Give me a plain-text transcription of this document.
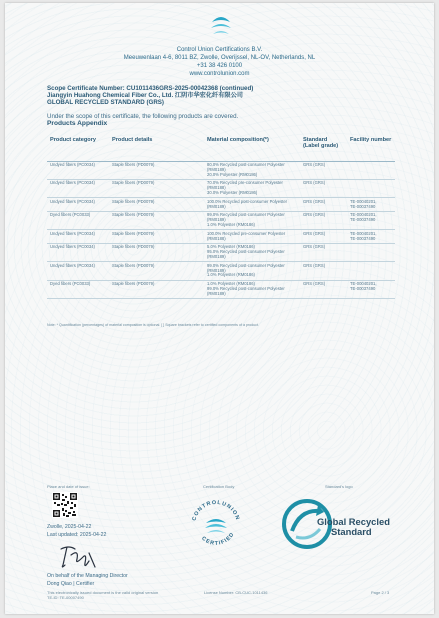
Control Union Certifications B.V.
Meeuwenlaan 4-6, 8011 BZ, Zwolle, Overijssel, NL-OV, Netherlands, NL
+31 38 426 0100
www.controlunion.com
Scope Certificate Number: CU1011436GRS-2025-00042368 (continued)
Jiangyin Huahong Chemical Fiber Co., Ltd. 江阴市华宏化纤有限公司
GLOBAL RECYCLED STANDARD (GRS)
Under the scope of this certificate, the following products are covered.
Products Appendix
Product category	Product details	Material composition(*)	Standard (Label grade)	Facility number
Undyed fibers (PC0034)	Staple fibers (PD0079)	80.0% Recycled post-consumer Polyester (RM0189)
20.0% Polyester (RM0186)	GRS (GRS)	
Undyed fibers (PC0034)	Staple fibers (PD0079)	70.0% Recycled pre-consumer Polyester (RM0188)
30.0% Polyester (RM0186)	GRS (GRS)	
Undyed fibers (PC0034)	Staple fibers (PD0079)	100.0% Recycled post-consumer Polyester (RM0189)	GRS (GRS)	TE-00040201,
TE-00037490

Dyed fibers (PC0033)	Staple fibers (PD0079)	99.0% Recycled post-consumer Polyester (RM0189)
1.0% Polyester (RM0186)	GRS (GRS)	TE-00040201,
TE-00037490

Undyed fibers (PC0034)	Staple fibers (PD0079)	100.0% Recycled pre-consumer Polyester (RM0188)	GRS (GRS)	TE-00040201,
TE-00037490

Undyed fibers (PC0034)	Staple fibers (PD0079)	5.0% Polyester (RM0186)
95.0% Recycled post-consumer Polyester (RM0189)	GRS (GRS)	
Undyed fibers (PC0034)	Staple fibers (PD0079)	99.0% Recycled post-consumer Polyester (RM0189)
1.0% Polyester (RM0186)	GRS (GRS)	
Dyed fibers (PC0033)	Staple fibers (PD0079)	1.0% Polyester (RM0186)
99.0% Recycled post-consumer Polyester (RM0189)	GRS (GRS)	TE-00040201,
TE-00037490
Note: * Quantification (percentages) of material composition is optional. [ ] Square brackets refer to certified components of a product.
Place and date of issue:
Zwolle, 2025-04-22
Last updated: 2025-04-22
On behalf of the Managing Director
Dong Qiao | Certifier
This electronically issued document is the valid original version
TE-ID: TE-00007490
Certification Body
CONTROLUNION
CERTIFIED
License Number: CB-CUC-1011436
Standard's logo
Global Recycled
Standard
Page 2 / 3
